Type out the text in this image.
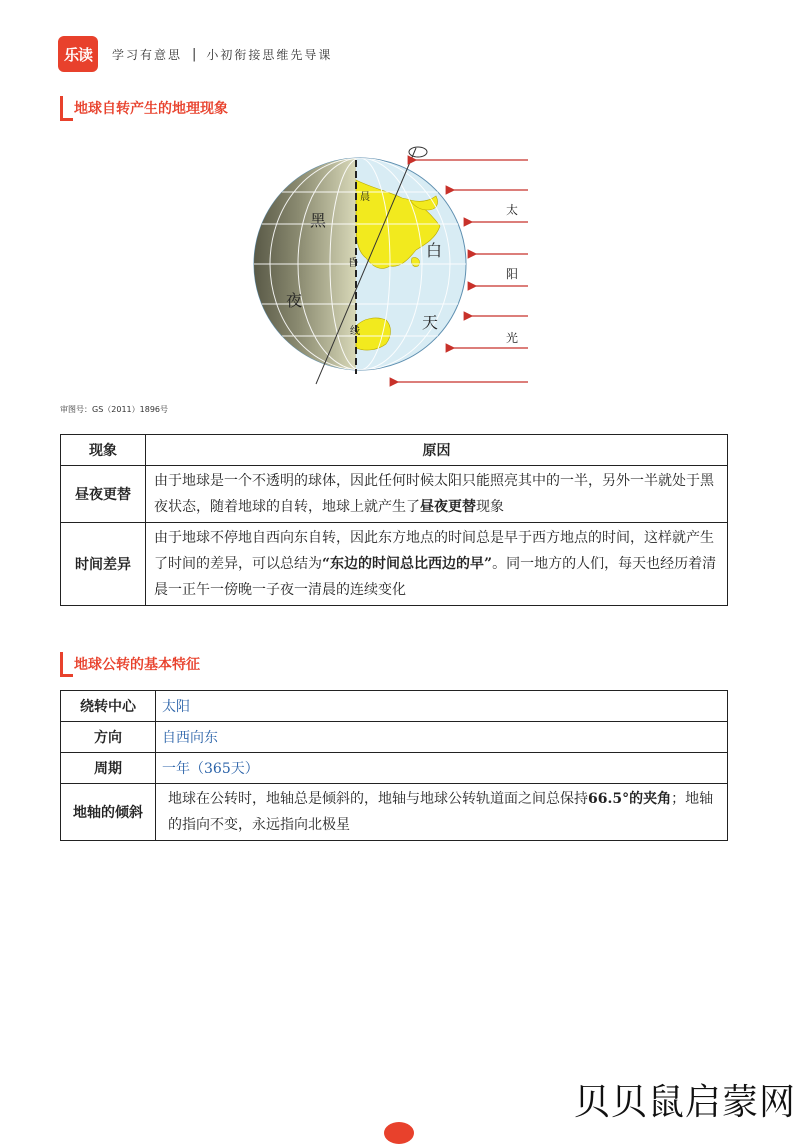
乐读	学习有意思 | 小初衔接思维先导课
地球自转产生的地理现象
黑
夜
白
天
晨
昏
线
太
阳
光
审图号：GS（2011）1896号
现象	原因
昼夜更替	由于地球是一个不透明的球体，因此任何时候太阳只能照亮其中的一半，另外一半就处于黑夜状态，随着地球的自转，地球上就产生了昼夜更替现象
时间差异	由于地球不停地自西向东自转，因此东方地点的时间总是早于西方地点的时间，这样就产生了时间的差异，可以总结为“东边的时间总比西边的早”。同一地方的人们，每天也经历着清晨一正午一傍晚一子夜一清晨的连续变化
地球公转的基本特征
绕转中心	太阳
方向	自西向东
周期	一年（365天）
地轴的倾斜	地球在公转时，地轴总是倾斜的，地轴与地球公转轨道面之间总保持66.5°的夹角；地轴的指向不变，永远指向北极星
贝贝鼠启蒙网
